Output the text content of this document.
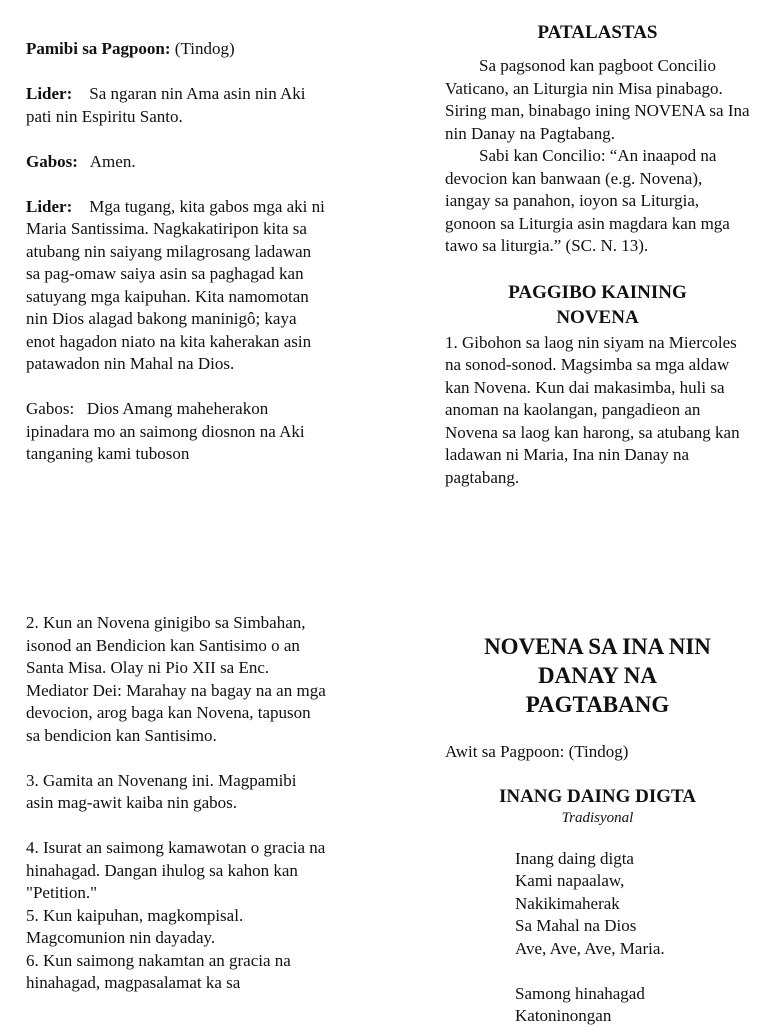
Pamibi sa Pagpoon: (Tindog)

Lider: Sa ngaran nin Ama asin nin Aki pati nin Espiritu Santo.

Gabos: Amen.

Lider: Mga tugang, kita gabos mga aki ni Maria Santissima. Nagkakatiripon kita sa atubang nin saiyang milagrosang ladawan sa pag-omaw saiya asin sa paghagad kan satuyang mga kaipuhan. Kita namomotan nin Dios alagad bakong maninigô; kaya enot hagadon niato na kita kaherakan asin patawadon nin Mahal na Dios.

Gabos: Dios Amang maheherakon ipinadara mo an saimong diosnon na Aki tanganing kami tuboson

PATALASTAS

Sa pagsonod kan pagboot Concilio Vaticano, an Liturgia nin Misa pinabago. Siring man, binabago ining NOVENA sa Ina nin Danay na Pagtabang.

Sabi kan Concilio: “An inaapod na devocion kan banwaan (e.g. Novena), iangay sa panahon, ioyon sa Liturgia, gonoon sa Liturgia asin magdara kan mga tawo sa liturgia.” (SC. N. 13).

PAGGIBO KAINING
NOVENA

1. Gibohon sa laog nin siyam na Miercoles na sonod-sonod. Magsimba sa mga aldaw kan Novena. Kun dai makasimba, huli sa anoman na kaolangan, pangadieon an Novena sa laog kan harong, sa atubang kan ladawan ni Maria, Ina nin Danay na pagtabang.

2. Kun an Novena ginigibo sa Simbahan, isonod an Bendicion kan Santisimo o an Santa Misa. Olay ni Pio XII sa Enc. Mediator Dei: Marahay na bagay na an mga devocion, arog baga kan Novena, tapuson sa bendicion kan Santisimo.

3. Gamita an Novenang ini. Magpamibi asin mag-awit kaiba nin gabos.

4. Isurat an saimong kamawotan o gracia na hinahagad. Dangan ihulog sa kahon kan "Petition."

5. Kun kaipuhan, magkompisal. Magcomunion nin dayaday.

6. Kun saimong nakamtan an gracia na hinahagad, magpasalamat ka sa

NOVENA SA INA NIN
DANAY NA
PAGTABANG

Awit sa Pagpoon: (Tindog)

INANG DAING DIGTA

Tradisyonal

Inang daing digta

Kami napaalaw,

Nakikimaherak

Sa Mahal na Dios

Ave, Ave, Ave, Maria.

Samong hinahagad

Katoninongan
